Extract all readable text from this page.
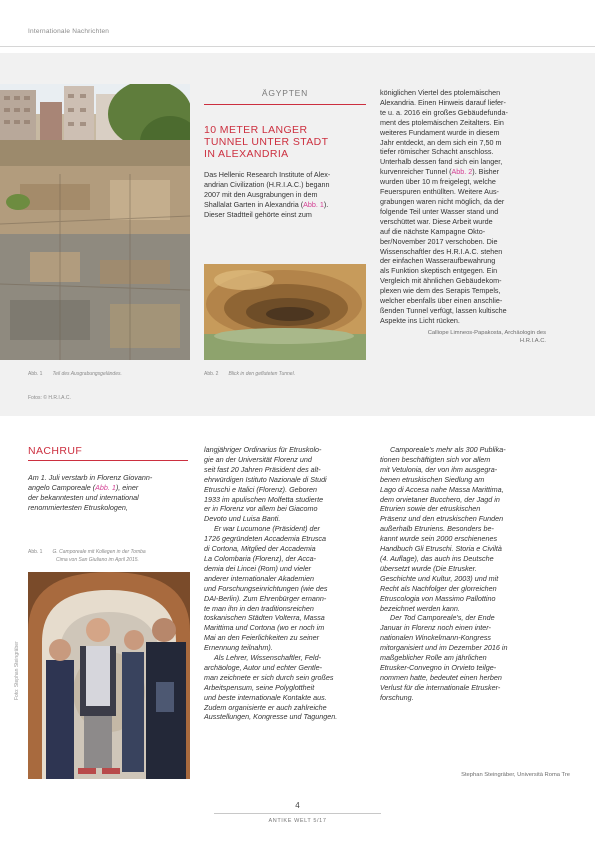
Internationale Nachrichten
Abb. 1 Teil des Ausgrabungsgeländes.
Fotos: © H.R.I.A.C.
ÄGYPTEN
10 METER LANGER
TUNNEL UNTER STADT
IN ALEXANDRIA
Das Hellenic Research Institute of Alex-
andrian Civilization (H.R.I.A.C.) begann
2007 mit den Ausgrabungen in dem
Shallalat Garten in Alexandria (Abb. 1).
Dieser Stadtteil gehörte einst zum
Abb. 2 Blick in den gefluteten Tunnel.
königlichen Viertel des ptolemäischen
Alexandria. Einen Hinweis darauf liefer-
te u. a. 2016 ein großes Gebäudefunda-
ment des ptolemäischen Zeitalters. Ein
weiteres Fundament wurde in diesem
Jahr entdeckt, an dem sich ein 7,50 m
tiefer römischer Schacht anschloss.
Unterhalb dessen fand sich ein langer,
kurvenreicher Tunnel (Abb. 2). Bisher
wurden über 10 m freigelegt, welche
Feuerspuren enthüllten. Weitere Aus-
grabungen waren nicht möglich, da der
folgende Teil unter Wasser stand und
verschüttet war. Diese Arbeit wurde
auf die nächste Kampagne Okto-
ber/November 2017 verschoben. Die
Wissenschaftler des H.R.I.A.C. stehen
der einfachen Wasseraufbewahrung
als Funktion skeptisch entgegen. Ein
Vergleich mit ähnlichen Gebäudekom-
plexen wie dem des Serapis Tempels,
welcher ebenfalls über einen anschlie-
ßenden Tunnel verfügt, lassen kultische
Aspekte ins Licht rücken.
Calliope Limneos-Papakosta, Archäologin des
H.R.I.A.C.
NACHRUF
Am 1. Juli verstarb in Florenz Giovann-
angelo Camporeale (Abb. 1), einer
der bekanntesten und international
renommiertesten Etruskologen,
Abb. 1 G. Camporeale mit Kollegen in der Tomba
Cima von San Giuliano im April 2015.
Foto: Stephan Steingräber
langjähriger Ordinarius für Etruskolo-
gie an der Universität Florenz und
seit fast 20 Jahren Präsident des alt-
ehrwürdigen Istituto Nazionale di Studi
Etruschi e Italici (Florenz). Geboren
1933 im apulischen Molfetta studierte
er in Florenz vor allem bei Giacomo
Devoto und Luisa Banti.
Er war Lucumone (Präsident) der
1726 gegründeten Accademia Etrusca
di Cortona, Mitglied der Accademia
La Colombaria (Florenz), der Acca-
demia dei Lincei (Rom) und vieler
anderer internationaler Akademien
und Forschungseinrichtungen (wie des
DAI-Berlin). Zum Ehrenbürger ernann-
te man ihn in den traditionsreichen
toskanischen Städten Volterra, Massa
Marittima und Cortona (wo er noch im
Mai an den Feierlichkeiten zu seiner
Ernennung teilnahm).
Als Lehrer, Wissenschaftler, Feld-
archäologe, Autor und echter Gentle-
man zeichnete er sich durch sein großes
Arbeitspensum, seine Polyglottheit
und beste internationale Kontakte aus.
Zudem organisierte er auch zahlreiche
Ausstellungen, Kongresse und Tagungen.
Camporeale's mehr als 300 Publika-
tionen beschäftigten sich vor allem
mit Vetulonia, der von ihm ausgegra-
benen etruskischen Siedlung am
Lago di Accesa nahe Massa Marittima,
dem orvietaner Bucchero, der Jagd in
Etrurien sowie der etruskischen
Präsenz und den etruskischen Funden
außerhalb Etruriens. Besonders be-
kannt wurde sein 2000 erschienenes
Handbuch Gli Etruschi. Storia e Civiltà
(4. Auflage), das auch ins Deutsche
übersetzt wurde (Die Etrusker.
Geschichte und Kultur, 2003) und mit
Recht als Nachfolger der glorreichen
Etruscologia von Massimo Pallottino
bezeichnet werden kann.
Der Tod Camporeale's, der Ende
Januar in Florenz noch einen inter-
nationalen Winckelmann-Kongress
mitorganisiert und im Dezember 2016 in
maßgeblicher Rolle am jährlichen
Etrusker-Convegno in Orvieto teilge-
nommen hatte, bedeutet einen herben
Verlust für die internationale Etrusker-
forschung.
Stephan Steingräber, Università Roma Tre
4
ANTIKE WELT 5/17
